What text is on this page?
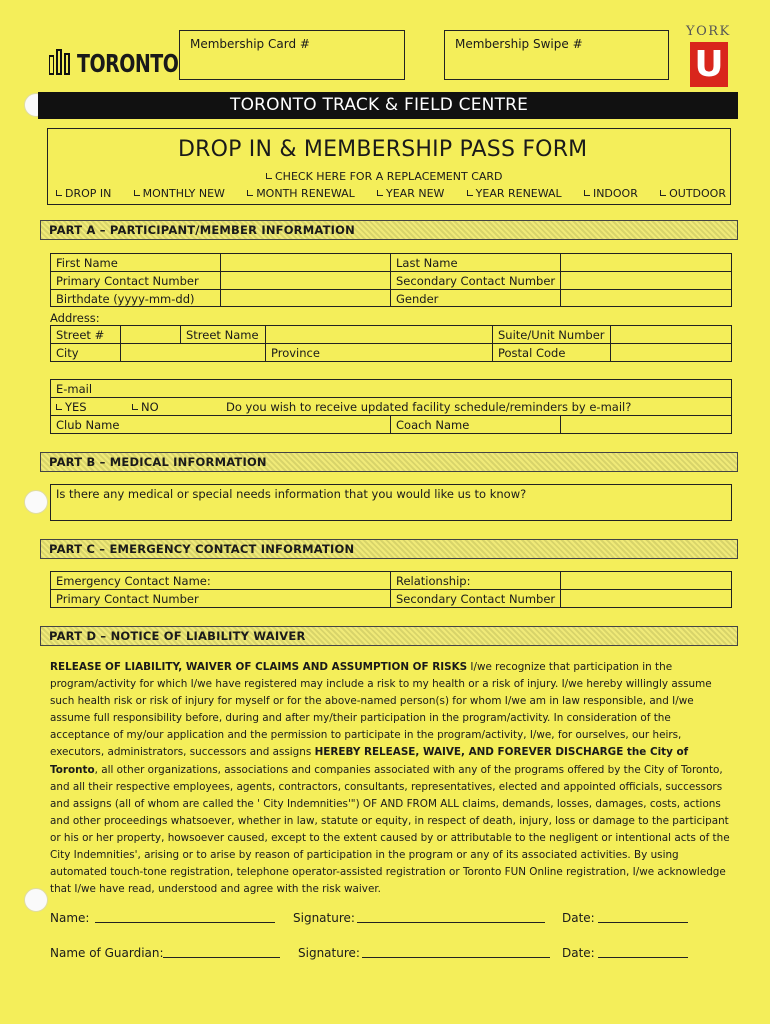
TORONTO
Membership Card #	Membership Swipe #
YORK
U
TORONTO TRACK & FIELD CENTRE
DROP IN & MEMBERSHIP PASS FORM
CHECK HERE FOR A REPLACEMENT CARD
DROP IN	MONTHLY NEW	MONTH RENEWAL	YEAR NEW	YEAR RENEWAL	INDOOR	OUTDOOR
PART A – PARTICIPANT/MEMBER INFORMATION
First Name	Last Name
Primary Contact Number	Secondary Contact Number
Birthdate (yyyy-mm-dd)	Gender
Address:
Street #	Street Name	Suite/Unit Number
City	Province	Postal Code
E-mail
YES	NO	Do you wish to receive updated facility schedule/reminders by e-mail?
Club Name	Coach Name
PART B – MEDICAL INFORMATION
Is there any medical or special needs information that you would like us to know?
PART C – EMERGENCY CONTACT INFORMATION
Emergency Contact Name:	Relationship:
Primary Contact Number	Secondary Contact Number
PART D – NOTICE OF LIABILITY WAIVER
RELEASE OF LIABILITY, WAIVER OF CLAIMS AND ASSUMPTION OF RISKS I/we recognize that participation in the program/activity for which I/we have registered may include a risk to my health or a risk of injury. I/we hereby willingly assume such health risk or risk of injury for myself or for the above-named person(s) for whom I/we am in law responsible, and I/we assume full responsibility before, during and after my/their participation in the program/activity. In consideration of the acceptance of my/our application and the permission to participate in the program/activity, I/we, for ourselves, our heirs, executors, administrators, successors and assigns HEREBY RELEASE, WAIVE, AND FOREVER DISCHARGE the City of Toronto, all other organizations, associations and companies associated with any of the programs offered by the City of Toronto, and all their respective employees, agents, contractors, consultants, representatives, elected and appointed officials, successors and assigns (all of whom are called the ' City Indemnities'") OF AND FROM ALL claims, demands, losses, damages, costs, actions and other proceedings whatsoever, whether in law, statute or equity, in respect of death, injury, loss or damage to the participant or his or her property, howsoever caused, except to the extent caused by or attributable to the negligent or intentional acts of the City Indemnities', arising or to arise by reason of participation in the program or any of its associated activities. By using automated touch-tone registration, telephone operator-assisted registration or Toronto FUN Online registration, I/we acknowledge that I/we have read, understood and agree with the risk waiver.
Name:	Signature:	Date:
Name of Guardian:	Signature:	Date:
